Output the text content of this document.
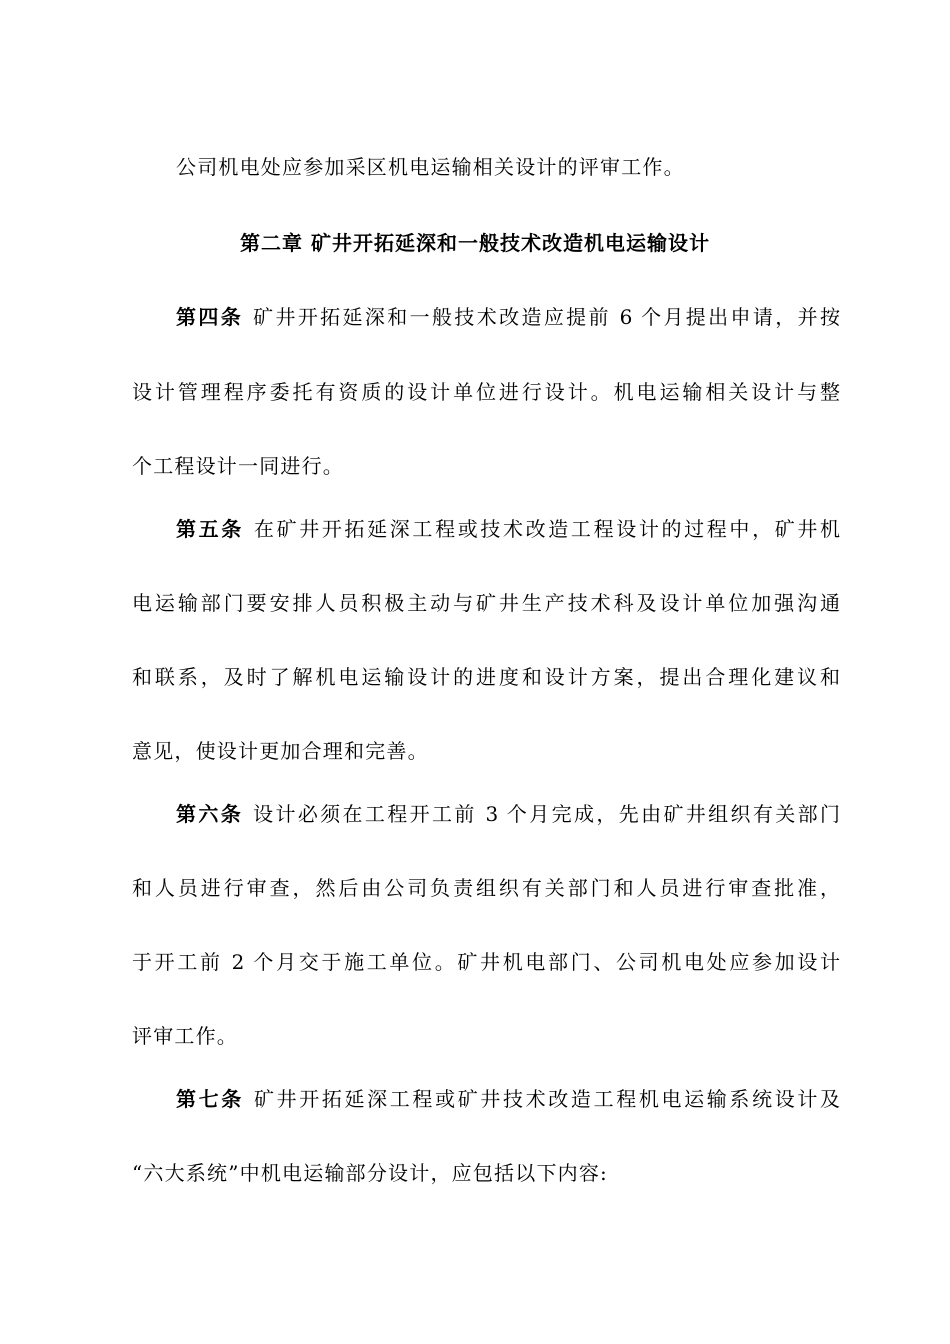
公司机电处应参加采区机电运输相关设计的评审工作。
第二章 矿井开拓延深和一般技术改造机电运输设计
第四条 矿井开拓延深和一般技术改造应提前 6 个月提出申请，并按
设计管理程序委托有资质的设计单位进行设计。机电运输相关设计与整
个工程设计一同进行。
第五条 在矿井开拓延深工程或技术改造工程设计的过程中，矿井机
电运输部门要安排人员积极主动与矿井生产技术科及设计单位加强沟通
和联系，及时了解机电运输设计的进度和设计方案，提出合理化建议和
意见，使设计更加合理和完善。
第六条 设计必须在工程开工前 3 个月完成，先由矿井组织有关部门
和人员进行审查，然后由公司负责组织有关部门和人员进行审查批准，
于开工前 2 个月交于施工单位。矿井机电部门、公司机电处应参加设计
评审工作。
第七条 矿井开拓延深工程或矿井技术改造工程机电运输系统设计及
“六大系统”中机电运输部分设计，应包括以下内容:
